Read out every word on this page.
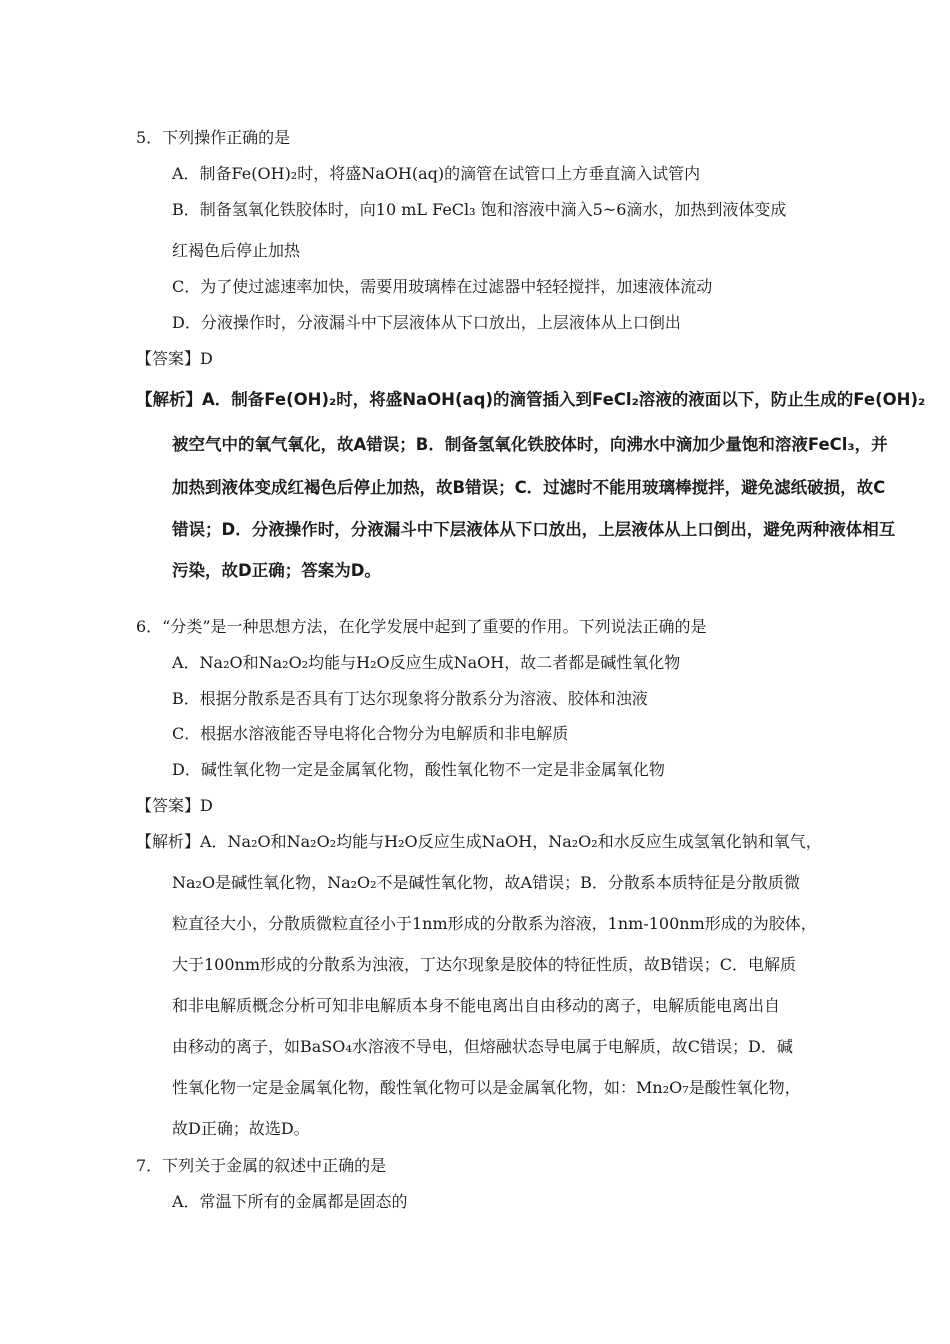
5．下列操作正确的是
A．制备Fe(OH)₂时，将盛NaOH(aq)的滴管在试管口上方垂直滴入试管内
B．制备氢氧化铁胶体时，向10 mL FeCl₃ 饱和溶液中滴入5~6滴水，加热到液体变成
红褐色后停止加热
C．为了使过滤速率加快，需要用玻璃棒在过滤器中轻轻搅拌，加速液体流动
D．分液操作时，分液漏斗中下层液体从下口放出，上层液体从上口倒出
【答案】D
【解析】A．制备Fe(OH)₂时，将盛NaOH(aq)的滴管插入到FeCl₂溶液的液面以下，防止生成的Fe(OH)₂
被空气中的氧气氧化，故A错误；B．制备氢氧化铁胶体时，向沸水中滴加少量饱和溶液FeCl₃，并
加热到液体变成红褐色后停止加热，故B错误；C．过滤时不能用玻璃棒搅拌，避免滤纸破损，故C
错误；D．分液操作时，分液漏斗中下层液体从下口放出，上层液体从上口倒出，避免两种液体相互
污染，故D正确；答案为D。
6．“分类”是一种思想方法，在化学发展中起到了重要的作用。下列说法正确的是
A．Na₂O和Na₂O₂均能与H₂O反应生成NaOH，故二者都是碱性氧化物
B．根据分散系是否具有丁达尔现象将分散系分为溶液、胶体和浊液
C．根据水溶液能否导电将化合物分为电解质和非电解质
D．碱性氧化物一定是金属氧化物，酸性氧化物不一定是非金属氧化物
【答案】D
【解析】A．Na₂O和Na₂O₂均能与H₂O反应生成NaOH，Na₂O₂和水反应生成氢氧化钠和氧气，
Na₂O是碱性氧化物，Na₂O₂不是碱性氧化物，故A错误；B．分散系本质特征是分散质微
粒直径大小，分散质微粒直径小于1nm形成的分散系为溶液，1nm-100nm形成的为胶体，
大于100nm形成的分散系为浊液，丁达尔现象是胶体的特征性质，故B错误；C．电解质
和非电解质概念分析可知非电解质本身不能电离出自由移动的离子，电解质能电离出自
由移动的离子，如BaSO₄水溶液不导电，但熔融状态导电属于电解质，故C错误；D．碱
性氧化物一定是金属氧化物，酸性氧化物可以是金属氧化物，如：Mn₂O₇是酸性氧化物，
故D正确；故选D。
7．下列关于金属的叙述中正确的是
A．常温下所有的金属都是固态的
